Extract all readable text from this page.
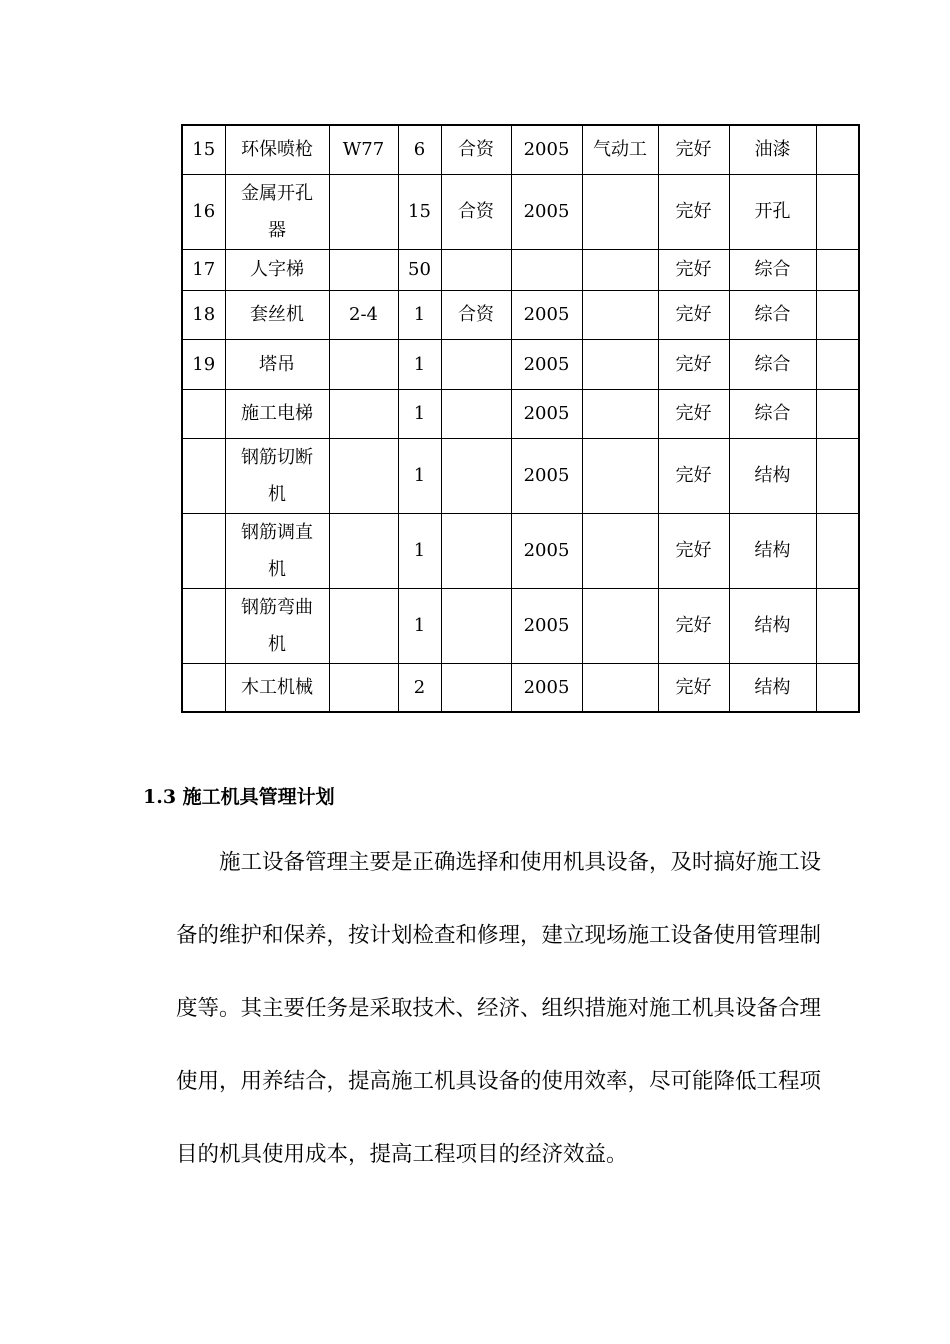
15	环保喷枪	W77	6	合资	2005	气动工	完好	油漆	
16	金属开孔器		15	合资	2005		完好	开孔	
17	人字梯		50				完好	综合	
18	套丝机	2-4	1	合资	2005		完好	综合	
19	塔吊		1		2005		完好	综合	
	施工电梯		1		2005		完好	综合	
	钢筋切断机		1		2005		完好	结构	
	钢筋调直机		1		2005		完好	结构	
	钢筋弯曲机		1		2005		完好	结构	
	木工机械		2		2005		完好	结构	
1.3 施工机具管理计划

施工设备管理主要是正确选择和使用机具设备，及时搞好施工设备的维护和保养，按计划检查和修理，建立现场施工设备使用管理制度等。其主要任务是采取技术、经济、组织措施对施工机具设备合理使用，用养结合，提高施工机具设备的使用效率，尽可能降低工程项目的机具使用成本，提高工程项目的经济效益。
